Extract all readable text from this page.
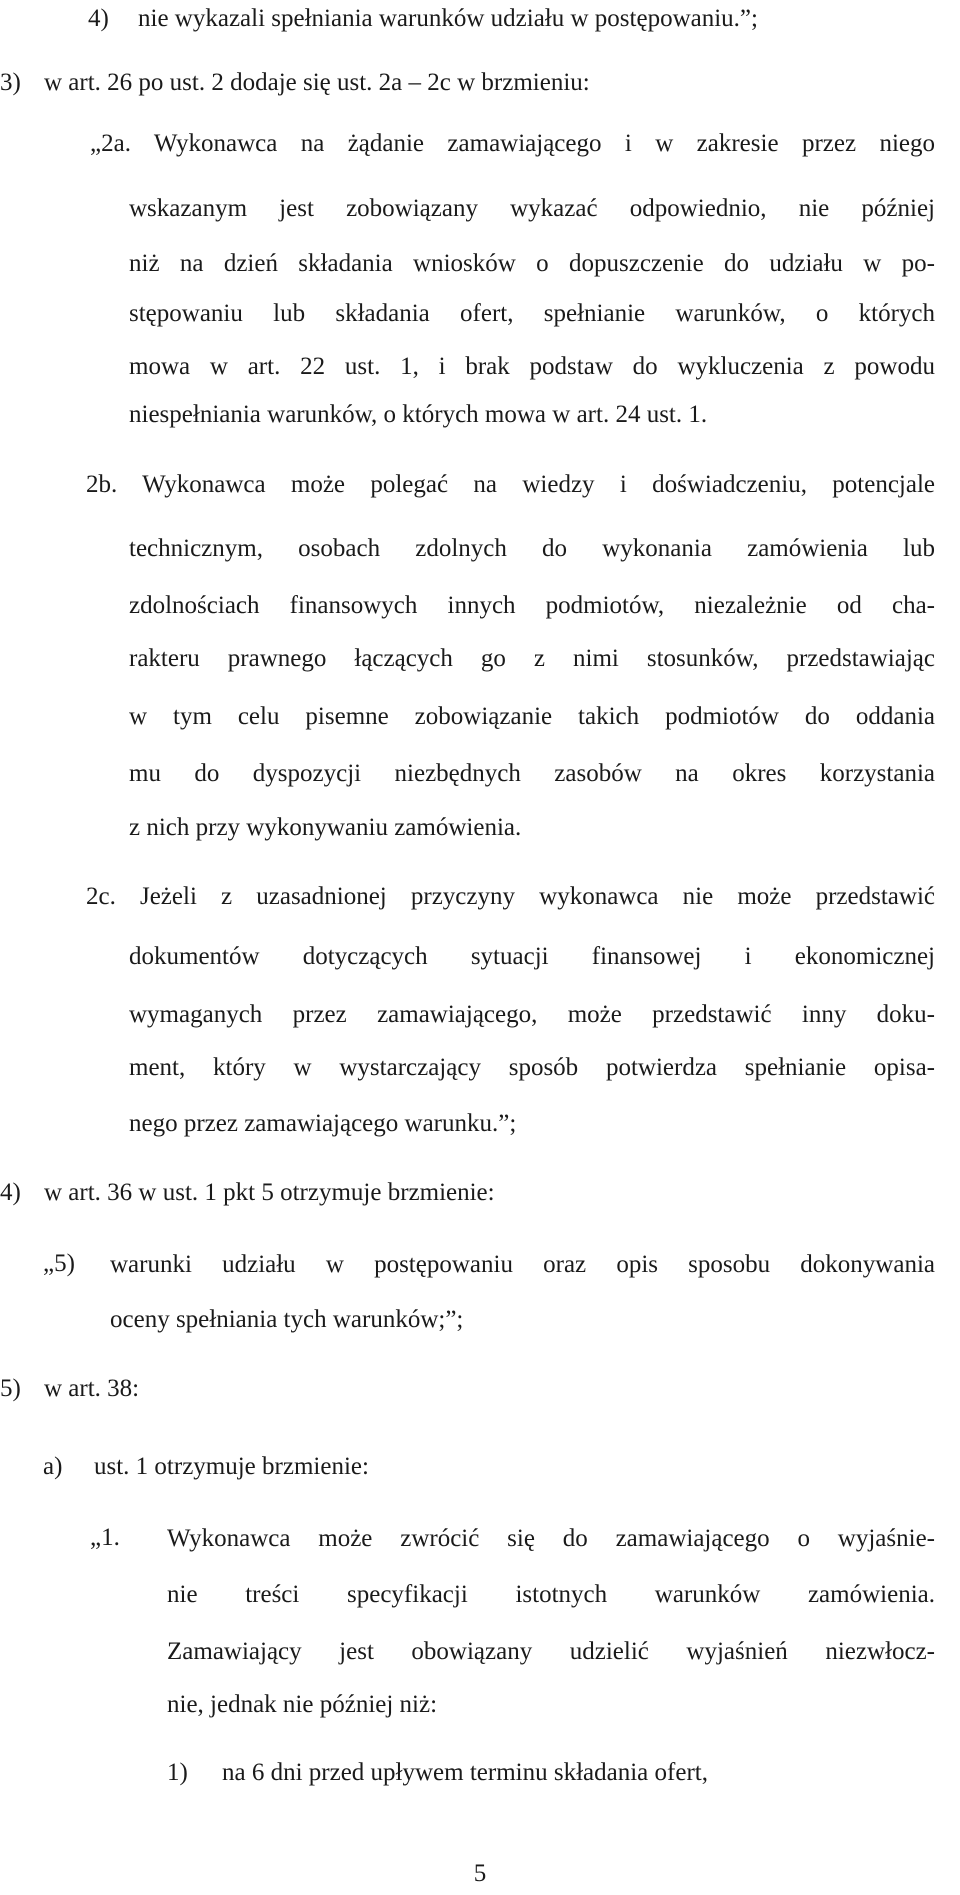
4) nie wykazali spełniania warunków udziału w postępowaniu.”;
3) w art. 26 po ust. 2 dodaje się ust. 2a – 2c w brzmieniu:
„2a. Wykonawca na żądanie zamawiającego i w zakresie przez niego
wskazanym jest zobowiązany wykazać odpowiednio, nie później
niż na dzień składania wniosków o dopuszczenie do udziału w po-
stępowaniu lub składania ofert, spełnianie warunków, o których
mowa w art. 22 ust. 1, i brak podstaw do wykluczenia z powodu
niespełniania warunków, o których mowa w art. 24 ust. 1.
2b. Wykonawca może polegać na wiedzy i doświadczeniu, potencjale
technicznym, osobach zdolnych do wykonania zamówienia lub
zdolnościach finansowych innych podmiotów, niezależnie od cha-
rakteru prawnego łączących go z nimi stosunków, przedstawiając
w tym celu pisemne zobowiązanie takich podmiotów do oddania
mu do dyspozycji niezbędnych zasobów na okres korzystania
z nich przy wykonywaniu zamówienia.
2c. Jeżeli z uzasadnionej przyczyny wykonawca nie może przedstawić
dokumentów dotyczących sytuacji finansowej i ekonomicznej
wymaganych przez zamawiającego, może przedstawić inny doku-
ment, który w wystarczający sposób potwierdza spełnianie opisa-
nego przez zamawiającego warunku.”;
4) w art. 36 w ust. 1 pkt 5 otrzymuje brzmienie:
„5) warunki udziału w postępowaniu oraz opis sposobu dokonywania
oceny spełniania tych warunków;”;
5) w art. 38:
a) ust. 1 otrzymuje brzmienie:
„1. Wykonawca może zwrócić się do zamawiającego o wyjaśnie-
nie treści specyfikacji istotnych warunków zamówienia.
Zamawiający jest obowiązany udzielić wyjaśnień niezwłocz-
nie, jednak nie później niż:
1) na 6 dni przed upływem terminu składania ofert,
5
